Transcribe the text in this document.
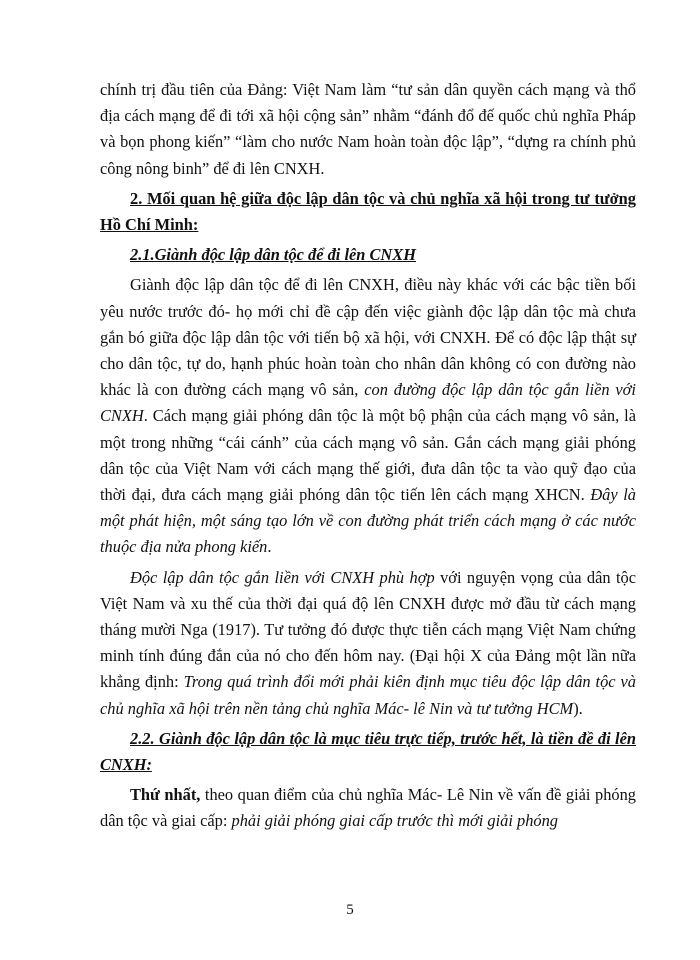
chính trị đầu tiên của Đảng: Việt Nam làm “tư sản dân quyền cách mạng và thổ địa cách mạng để đi tới xã hội cộng sản” nhằm “đánh đổ đế quốc chủ nghĩa Pháp và bọn phong kiến” “làm cho nước Nam hoàn toàn độc lập”, “dựng ra chính phủ công nông binh” để đi lên CNXH.

2. Mối quan hệ giữa độc lập dân tộc và chủ nghĩa xã hội trong tư tưởng Hồ Chí Minh:

2.1.Giành độc lập dân tộc để đi lên CNXH

Giành độc lập dân tộc để đi lên CNXH, điều này khác với các bậc tiền bối yêu nước trước đó- họ mới chỉ đề cập đến việc giành độc lập dân tộc mà chưa gắn bó giữa độc lập dân tộc với tiến bộ xã hội, với CNXH. Để có độc lập thật sự cho dân tộc, tự do, hạnh phúc hoàn toàn cho nhân dân không có con đường nào khác là con đường cách mạng vô sản, con đường độc lập dân tộc gắn liền với CNXH. Cách mạng giải phóng dân tộc là một bộ phận của cách mạng vô sản, là một trong những “cái cánh” của cách mạng vô sản. Gắn cách mạng giải phóng dân tộc của Việt Nam với cách mạng thế giới, đưa dân tộc ta vào quỹ đạo của thời đại, đưa cách mạng giải phóng dân tộc tiến lên cách mạng XHCN. Đây là một phát hiện, một sáng tạo lớn về con đường phát triển cách mạng ở các nước thuộc địa nửa phong kiến.

Độc lập dân tộc gắn liền với CNXH phù hợp với nguyện vọng của dân tộc Việt Nam và xu thế của thời đại quá độ lên CNXH được mở đầu từ cách mạng tháng mười Nga (1917). Tư tưởng đó được thực tiễn cách mạng Việt Nam chứng minh tính đúng đắn của nó cho đến hôm nay. (Đại hội X của Đảng một lần nữa khẳng định: Trong quá trình đổi mới phải kiên định mục tiêu độc lập dân tộc và chủ nghĩa xã hội trên nền tảng chủ nghĩa Mác- lê Nin và tư tưởng HCM).

2.2. Giành độc lập dân tộc là mục tiêu trực tiếp, trước hết, là tiền đề đi lên CNXH:

Thứ nhất, theo quan điểm của chủ nghĩa Mác- Lê Nin về vấn đề giải phóng dân tộc và giai cấp: phải giải phóng giai cấp trước thì mới giải phóng

5
